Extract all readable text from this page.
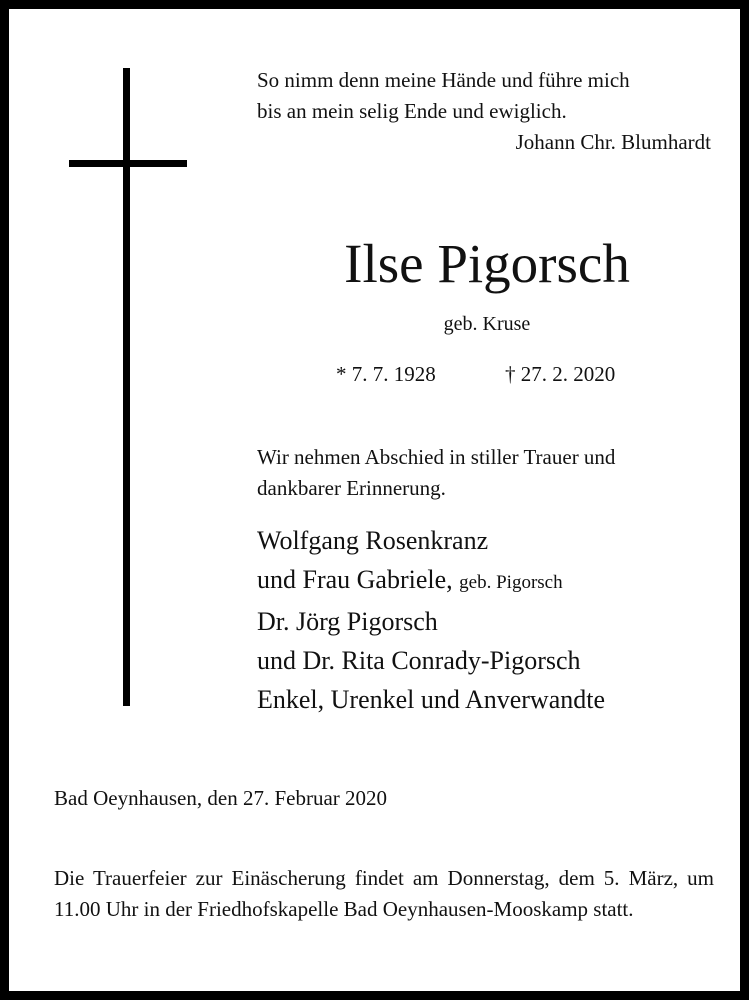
So nimm denn meine Hände und führe mich
bis an mein selig Ende und ewiglich.
Johann Chr. Blumhardt
Ilse Pigorsch
geb. Kruse
* 7. 7. 1928	† 27. 2. 2020
Wir nehmen Abschied in stiller Trauer und
dankbarer Erinnerung.
Wolfgang Rosenkranz
und Frau Gabriele, geb. Pigorsch
Dr. Jörg Pigorsch
und Dr. Rita Conrady-Pigorsch
Enkel, Urenkel und Anverwandte
Bad Oeynhausen, den 27. Februar 2020
Die Trauerfeier zur Einäscherung findet am Donnerstag, dem 5. März, um 11.00 Uhr in der Friedhofskapelle Bad Oeynhausen-Mooskamp statt.
